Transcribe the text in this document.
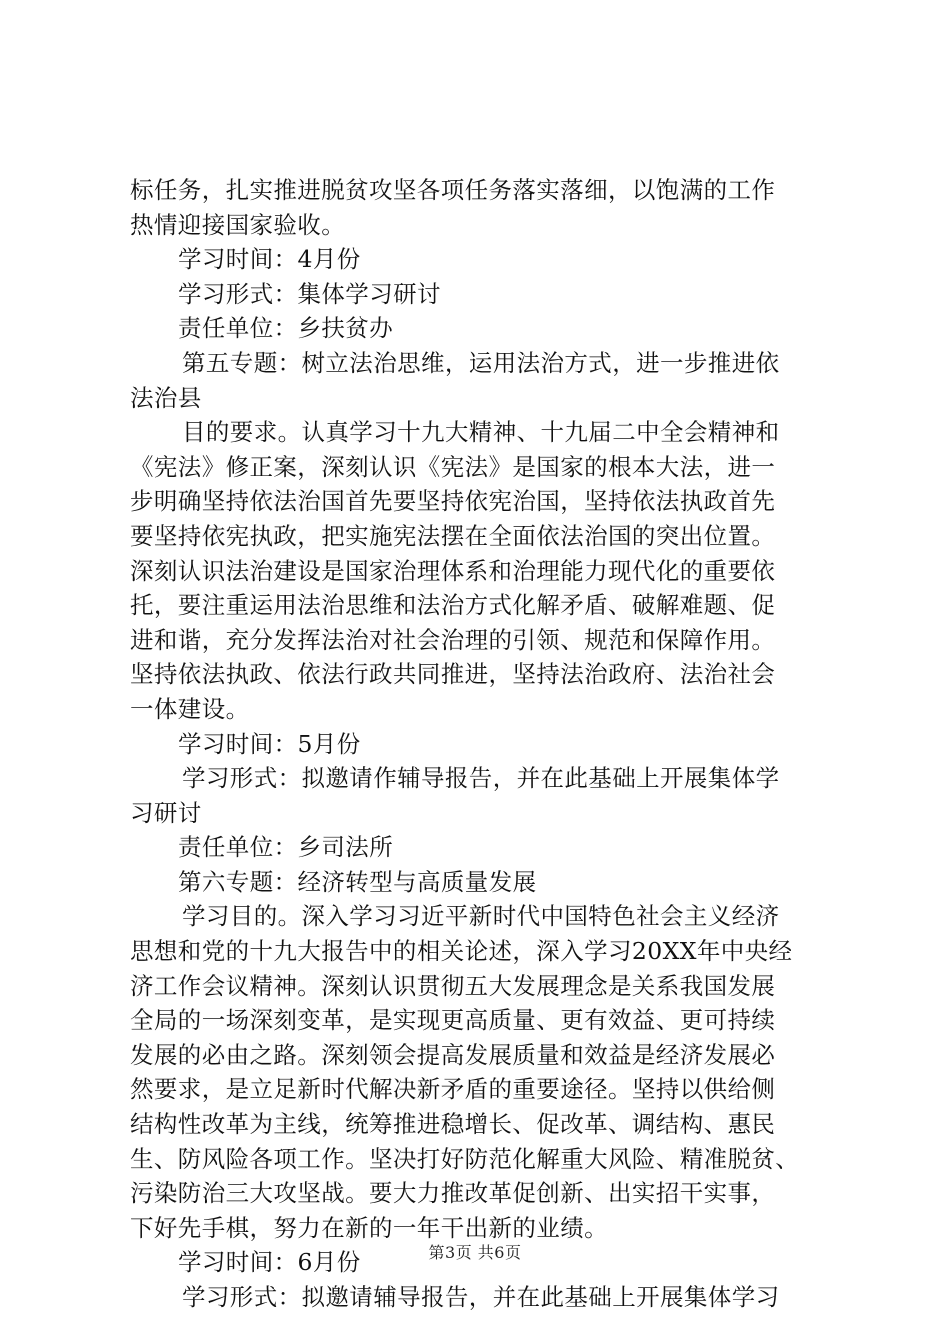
标任务，扎实推进脱贫攻坚各项任务落实落细，以饱满的工作
热情迎接国家验收。
学习时间：4月份
学习形式：集体学习研讨
责任单位：乡扶贫办
第五专题：树立法治思维，运用法治方式，进一步推进依
法治县
目的要求。认真学习十九大精神、十九届二中全会精神和
《宪法》修正案，深刻认识《宪法》是国家的根本大法，进一
步明确坚持依法治国首先要坚持依宪治国，坚持依法执政首先
要坚持依宪执政，把实施宪法摆在全面依法治国的突出位置。
深刻认识法治建设是国家治理体系和治理能力现代化的重要依
托，要注重运用法治思维和法治方式化解矛盾、破解难题、促
进和谐，充分发挥法治对社会治理的引领、规范和保障作用。
坚持依法执政、依法行政共同推进，坚持法治政府、法治社会
一体建设。
学习时间：5月份
学习形式：拟邀请作辅导报告，并在此基础上开展集体学
习研讨
责任单位：乡司法所
第六专题：经济转型与高质量发展
学习目的。深入学习习近平新时代中国特色社会主义经济
思想和党的十九大报告中的相关论述，深入学习20XX年中央经
济工作会议精神。深刻认识贯彻五大发展理念是关系我国发展
全局的一场深刻变革，是实现更高质量、更有效益、更可持续
发展的必由之路。深刻领会提高发展质量和效益是经济发展必
然要求，是立足新时代解决新矛盾的重要途径。坚持以供给侧
结构性改革为主线，统筹推进稳增长、促改革、调结构、惠民
生、防风险各项工作。坚决打好防范化解重大风险、精准脱贫、
污染防治三大攻坚战。要大力推改革促创新、出实招干实事，
下好先手棋，努力在新的一年干出新的业绩。
学习时间：6月份
学习形式：拟邀请辅导报告，并在此基础上开展集体学习
第3页 共6页
